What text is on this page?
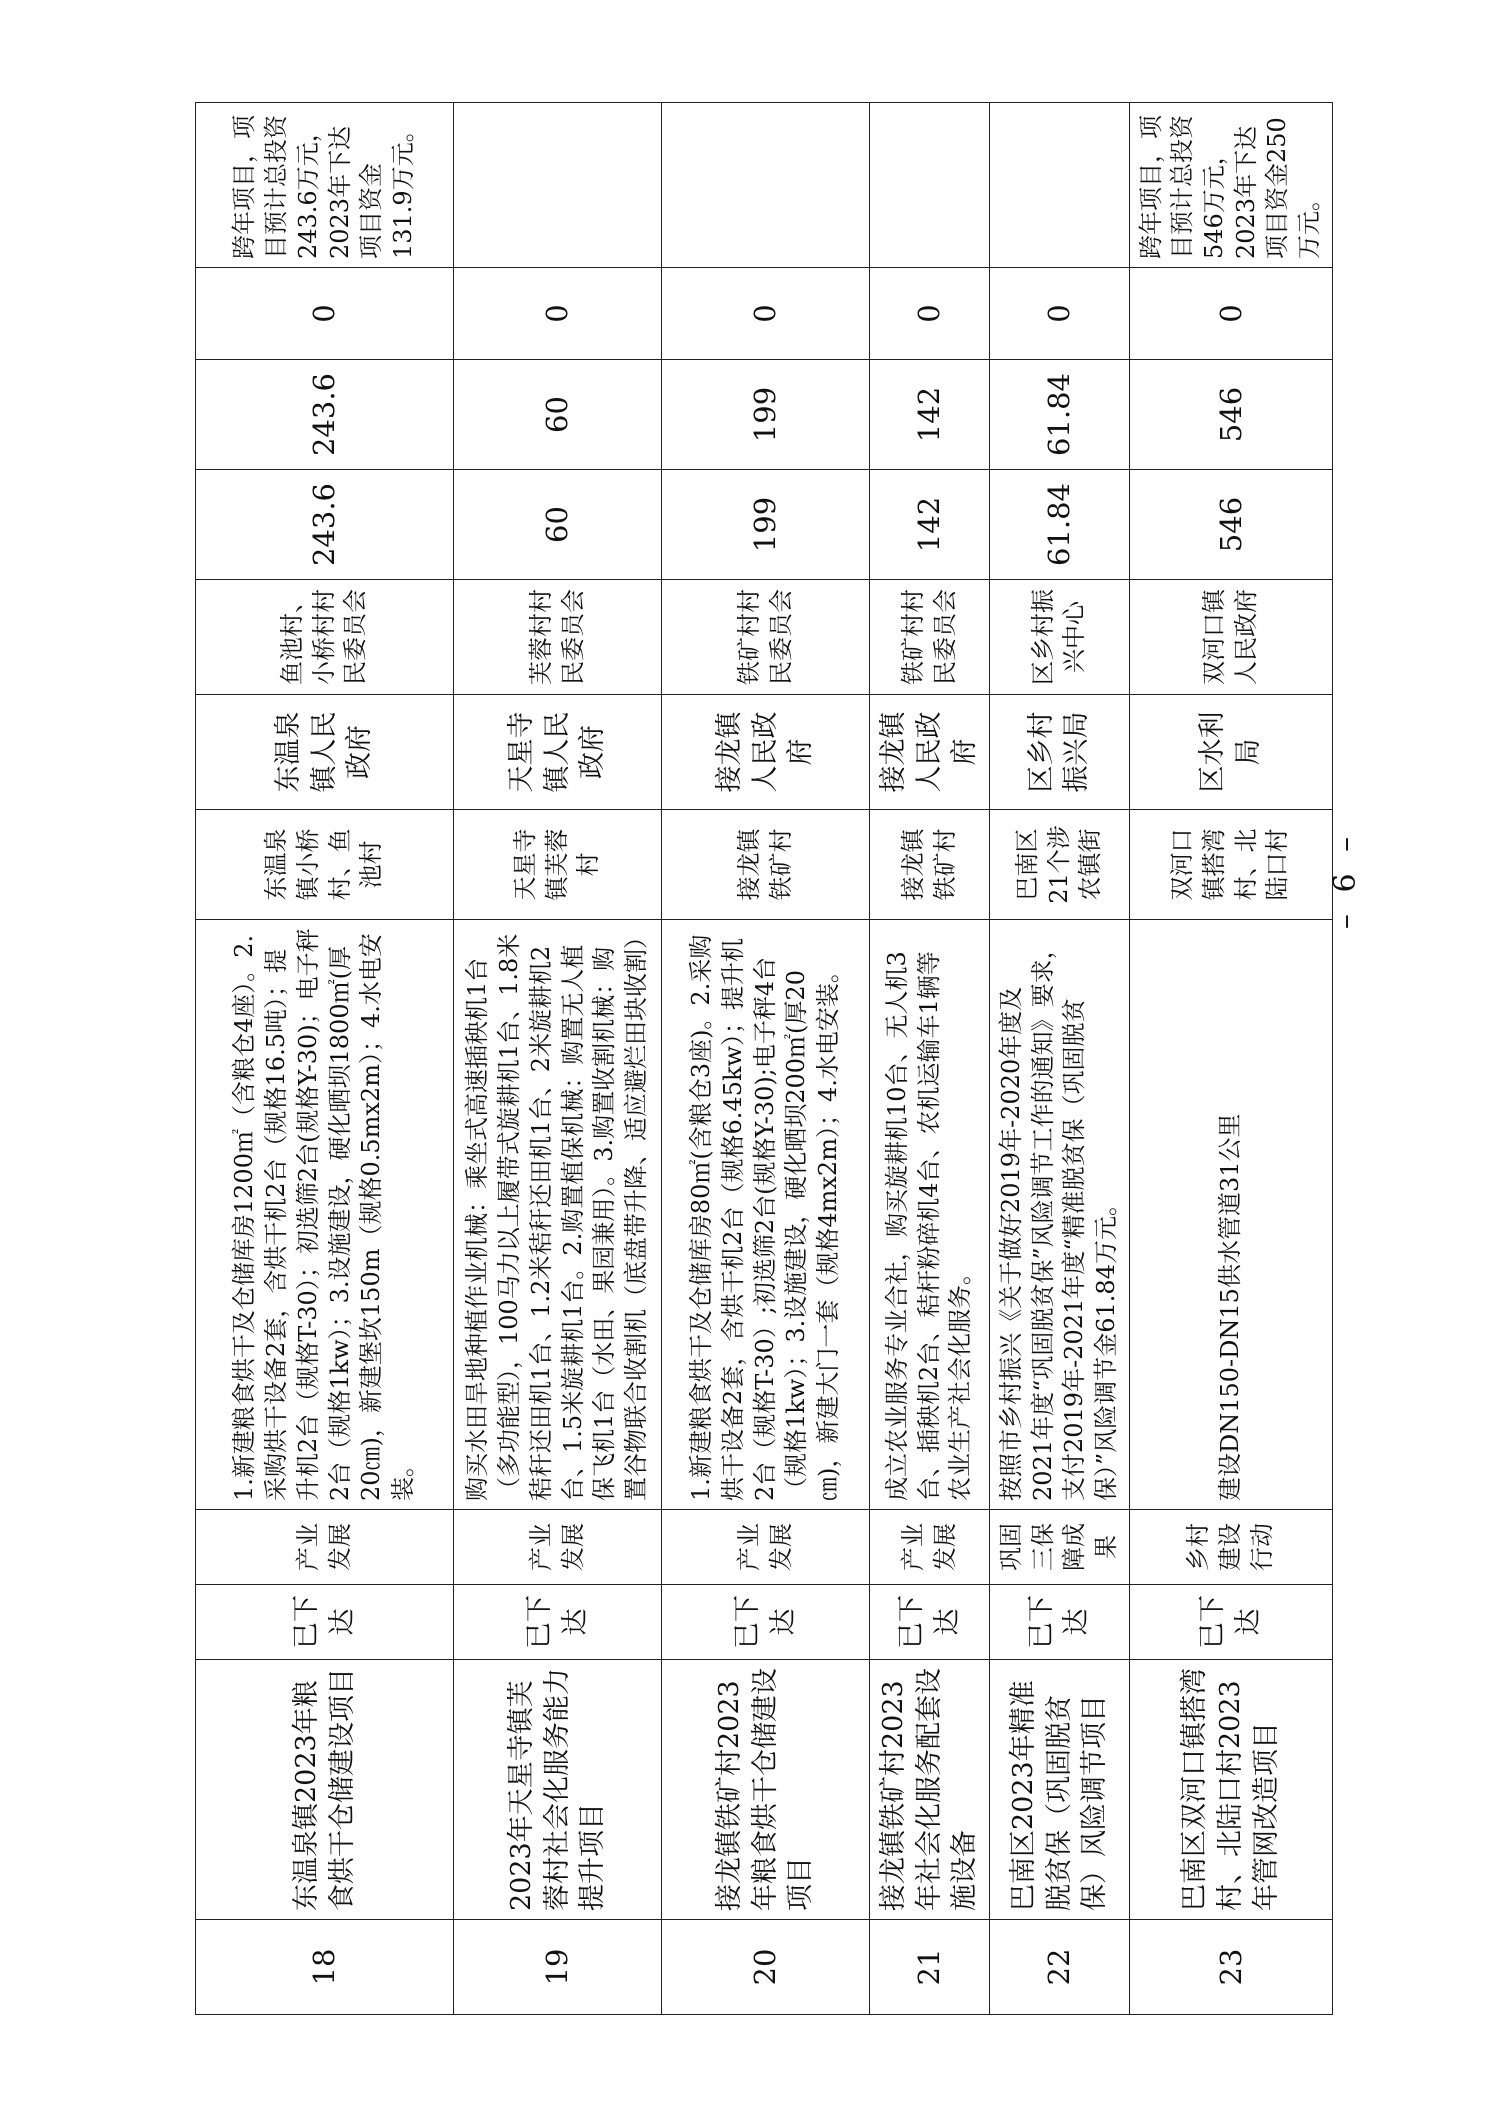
18	东温泉镇2023年粮食烘干仓储建设项目	已下达	产业发展	1.新建粮食烘干及仓储库房1200㎡（含粮仓4座）。2.采购烘干设备2套，含烘干机2台（规格16.5吨）；提升机2台（规格T-30）；初选筛2台(规格Y-30)；电子秤2台（规格1kw）；3.设施建设，硬化晒坝1800㎡(厚20㎝)，新建堡坎150m（规格0.5mx2m）；4.水电安装。	东温泉镇小桥村、鱼池村	东温泉镇人民政府	鱼池村、小桥村村民委员会	243.6	243.6	0	跨年项目，项目预计总投资243.6万元，2023年下达项目资金131.9万元。
19	2023年天星寺镇芙蓉村社会化服务能力提升项目	已下达	产业发展	购买水田旱地种植作业机械：乘坐式高速插秧机1台（多功能型），100马力以上履带式旋耕机1台、1.8米秸秆还田机1台、1.2米秸秆还田机1台、2米旋耕机2台、1.5米旋耕机1台。2.购置植保机械：购置无人植保飞机1台（水田、果园兼用）。3.购置收割机械：购置谷物联合收割机（底盘带升降、适应避烂田块收割）	天星寺镇芙蓉村	天星寺镇人民政府	芙蓉村村民委员会	60	60	0	
20	接龙镇铁矿村2023年粮食烘干仓储建设项目	已下达	产业发展	1.新建粮食烘干及仓储库房80㎡(含粮仓3座)。2.采购烘干设备2套，含烘干机2台（规格6.45kw）；提升机2台（规格T-30）;初选筛2台(规格Y-30);电子秤4台（规格1kw）；3.设施建设，硬化晒坝200㎡(厚20㎝)，新建大门一套（规格4mx2m）；4.水电安装。	接龙镇铁矿村	接龙镇人民政府	铁矿村村民委员会	199	199	0	
21	接龙镇铁矿村2023年社会化服务配套设施设备	已下达	产业发展	成立农业服务专业合社，购买旋耕机10台、无人机3台、插秧机2台、秸杆粉碎机4台、农机运输车1辆等农业生产社会化服务。	接龙镇铁矿村	接龙镇人民政府	铁矿村村民委员会	142	142	0	
22	巴南区2023年精准脱贫保（巩固脱贫保）风险调节项目	已下达	巩固三保障成果	按照市乡村振兴《关于做好2019年-2020年度及2021年度“巩固脱贫保”风险调节工作的通知》要求，支付2019年-2021年度“精准脱贫保（巩固脱贫保）”风险调节金61.84万元。	巴南区21个涉农镇街	区乡村振兴局	区乡村振兴中心	61.84	61.84	0	
23	巴南区双河口镇搭湾村、北陆口村2023年管网改造项目	已下达	乡村建设行动	建设DN150-DN15供水管道31公里	双河口镇搭湾村、北陆口村	区水利局	双河口镇人民政府	546	546	0	跨年项目，项目预计总投资546万元，2023年下达项目资金250万元。
– 6 –
